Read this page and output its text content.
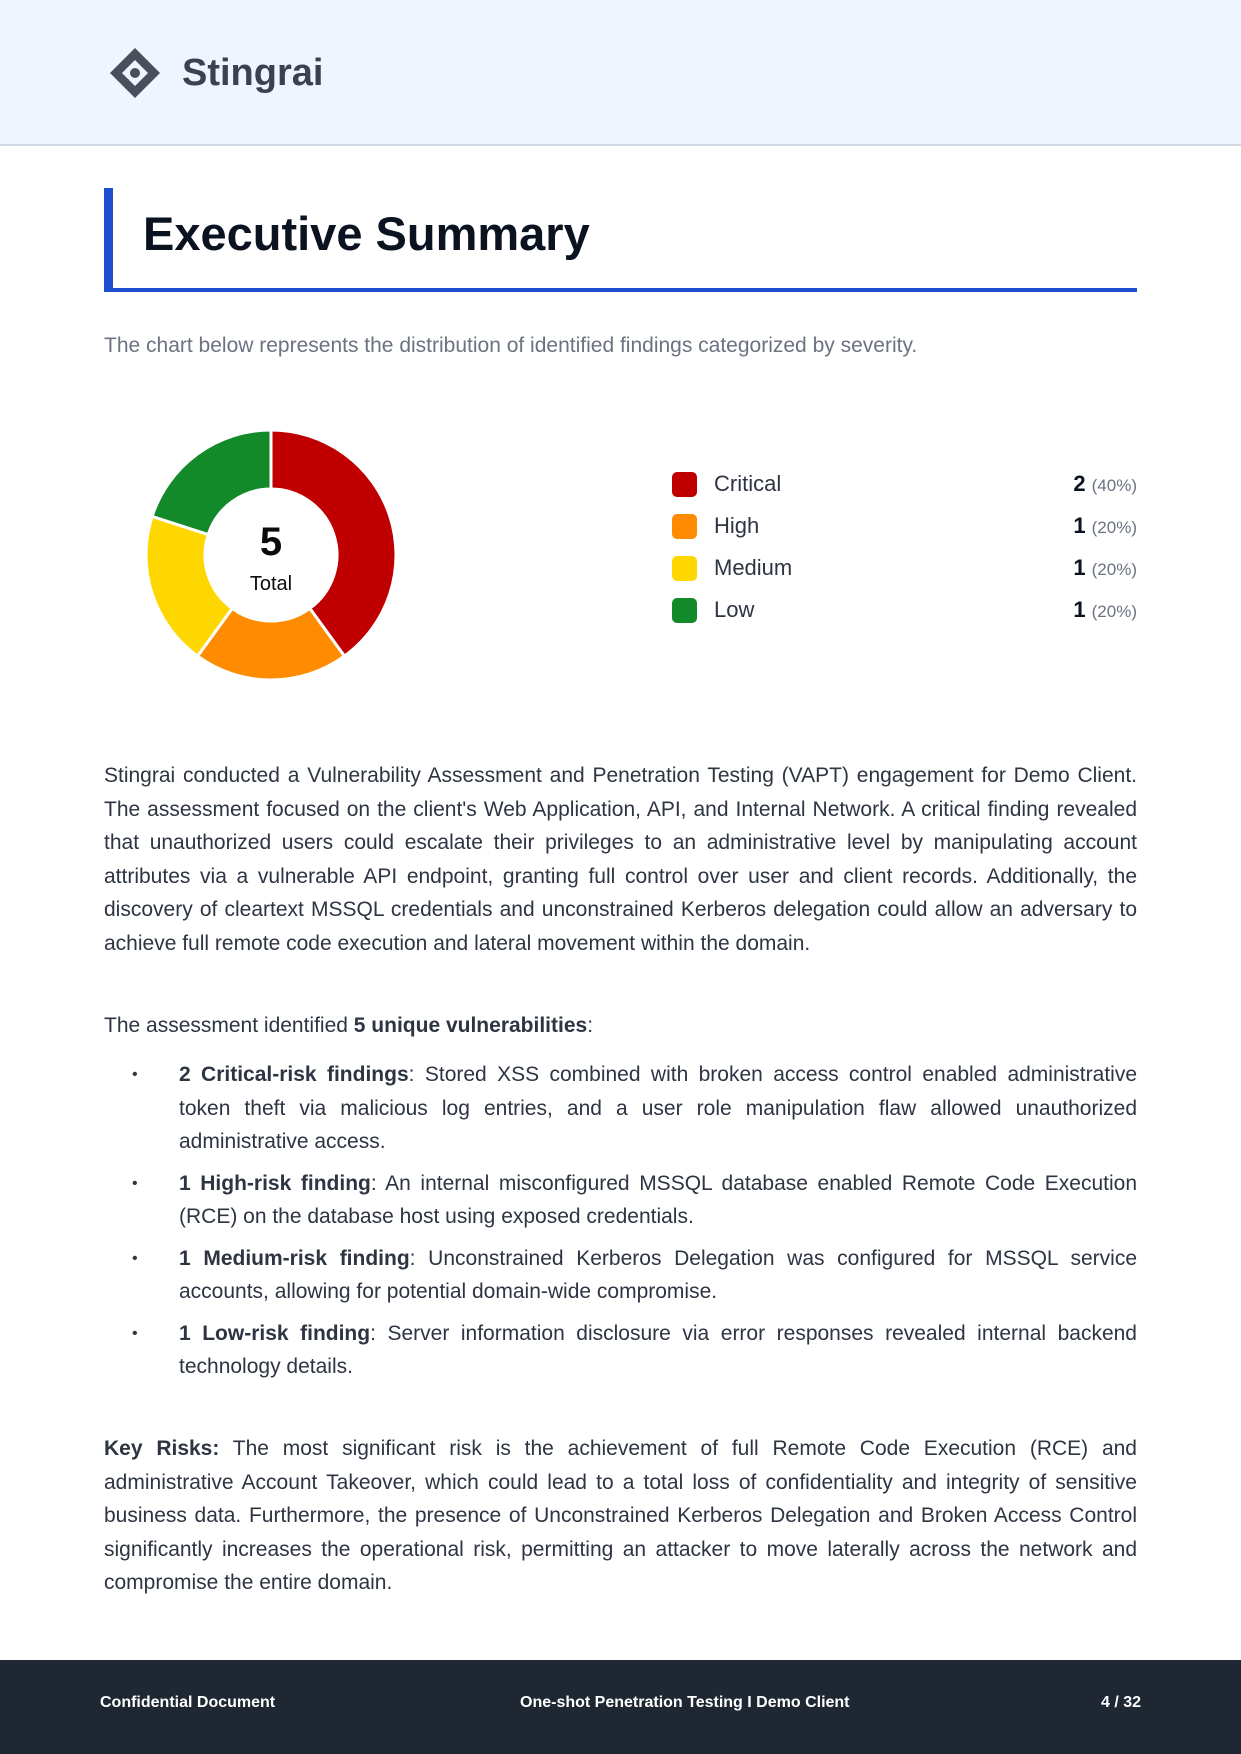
Stingrai
Executive Summary

The chart below represents the distribution of identified findings categorized by severity.

5
Total
Critical	2 (40%)
High	1 (20%)
Medium	1 (20%)
Low	1 (20%)

Stingrai conducted a Vulnerability Assessment and Penetration Testing (VAPT) engagement for Demo Client. The assessment focused on the client's Web Application, API, and Internal Network. A critical finding revealed that unauthorized users could escalate their privileges to an administrative level by manipulating account attributes via a vulnerable API endpoint, granting full control over user and client records. Additionally, the discovery of cleartext MSSQL credentials and unconstrained Kerberos delegation could allow an adversary to achieve full remote code execution and lateral movement within the domain.

The assessment identified 5 unique vulnerabilities:

• 2 Critical-risk findings: Stored XSS combined with broken access control enabled administrative token theft via malicious log entries, and a user role manipulation flaw allowed unauthorized administrative access.
• 1 High-risk finding: An internal misconfigured MSSQL database enabled Remote Code Execution (RCE) on the database host using exposed credentials.
• 1 Medium-risk finding: Unconstrained Kerberos Delegation was configured for MSSQL service accounts, allowing for potential domain-wide compromise.
• 1 Low-risk finding: Server information disclosure via error responses revealed internal backend technology details.

Key Risks: The most significant risk is the achievement of full Remote Code Execution (RCE) and administrative Account Takeover, which could lead to a total loss of confidentiality and integrity of sensitive business data. Furthermore, the presence of Unconstrained Kerberos Delegation and Broken Access Control significantly increases the operational risk, permitting an attacker to move laterally across the network and compromise the entire domain.

Confidential Document	One-shot Penetration Testing I Demo Client	4 / 32
